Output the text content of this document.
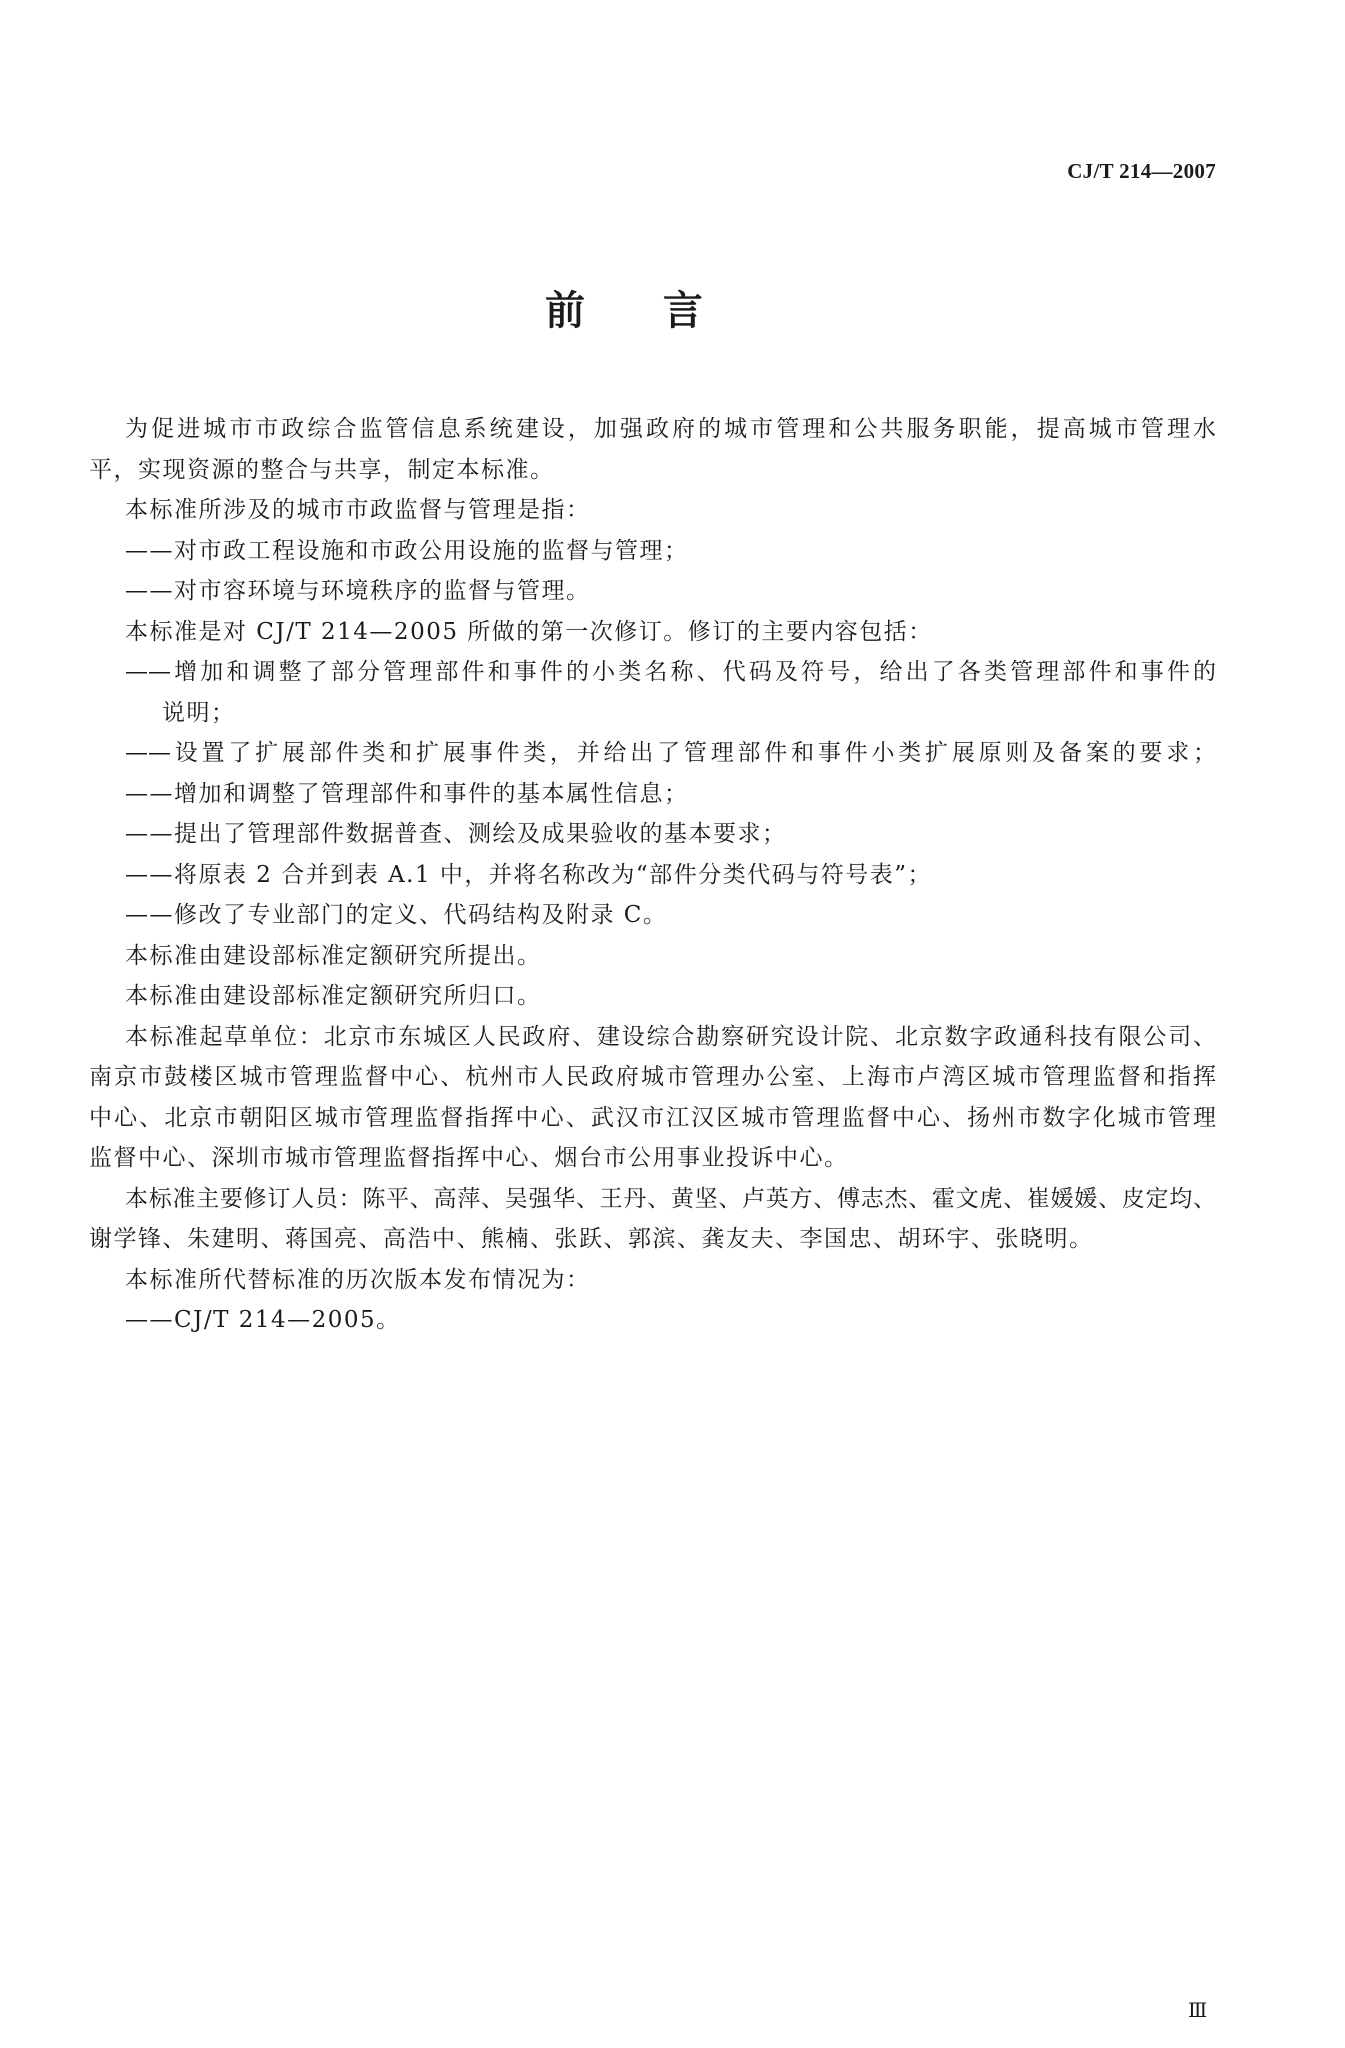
CJ/T 214—2007
前 言
为促进城市市政综合监管信息系统建设，加强政府的城市管理和公共服务职能，提高城市管理水
平，实现资源的整合与共享，制定本标准。
本标准所涉及的城市市政监督与管理是指：
——对市政工程设施和市政公用设施的监督与管理；
——对市容环境与环境秩序的监督与管理。
本标准是对 CJ/T 214—2005 所做的第一次修订。修订的主要内容包括：
——增加和调整了部分管理部件和事件的小类名称、代码及符号，给出了各类管理部件和事件的
说明；
——设置了扩展部件类和扩展事件类，并给出了管理部件和事件小类扩展原则及备案的要求；
——增加和调整了管理部件和事件的基本属性信息；
——提出了管理部件数据普查、测绘及成果验收的基本要求；
——将原表 2 合并到表 A.1 中，并将名称改为“部件分类代码与符号表”；
——修改了专业部门的定义、代码结构及附录 C。
本标准由建设部标准定额研究所提出。
本标准由建设部标准定额研究所归口。
本标准起草单位：北京市东城区人民政府、建设综合勘察研究设计院、北京数字政通科技有限公司、
南京市鼓楼区城市管理监督中心、杭州市人民政府城市管理办公室、上海市卢湾区城市管理监督和指挥
中心、北京市朝阳区城市管理监督指挥中心、武汉市江汉区城市管理监督中心、扬州市数字化城市管理
监督中心、深圳市城市管理监督指挥中心、烟台市公用事业投诉中心。
本标准主要修订人员：陈平、高萍、吴强华、王丹、黄坚、卢英方、傅志杰、霍文虎、崔媛媛、皮定均、
谢学锋、朱建明、蒋国亮、高浩中、熊楠、张跃、郭滨、龚友夫、李国忠、胡环宇、张晓明。
本标准所代替标准的历次版本发布情况为：
——CJ/T 214—2005。
Ⅲ
